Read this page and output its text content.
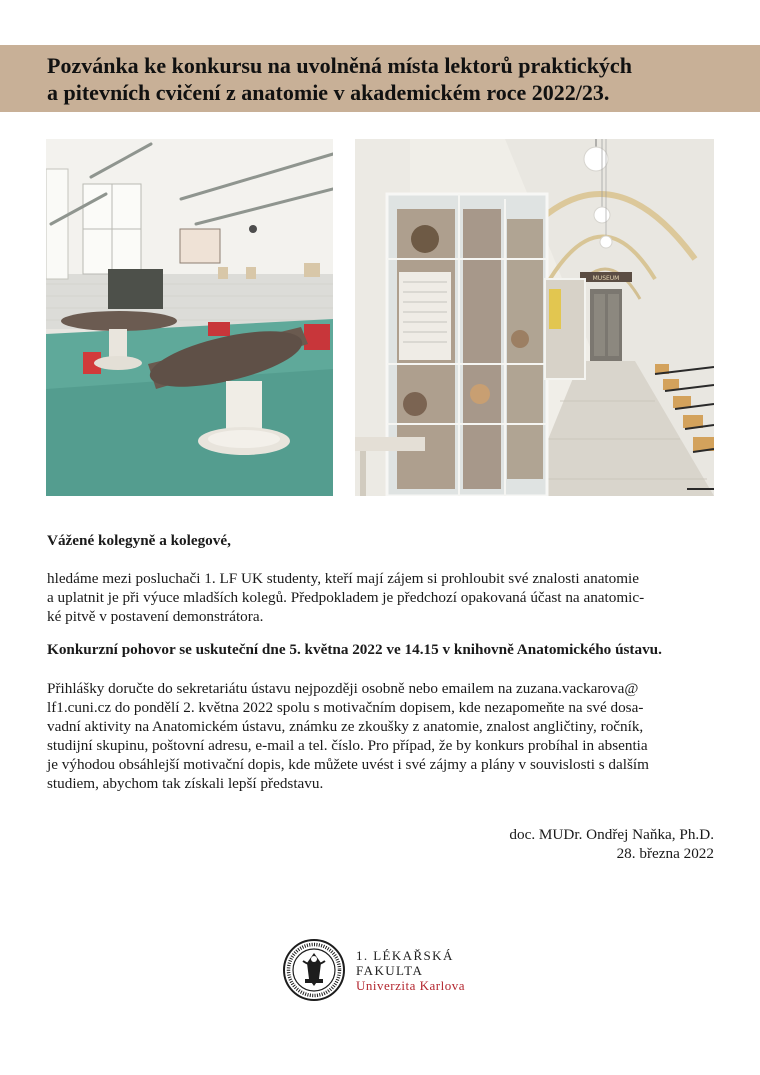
Pozvánka ke konkursu na uvolněná místa lektorů praktických
a pitevních cvičení z anatomie v akademickém roce 2022/23.
MUSEUM
Vážené kolegyně a kolegové,
hledáme mezi posluchači 1. LF UK studenty, kteří mají zájem si prohloubit své znalosti anatomie
a uplatnit je při výuce mladších kolegů. Předpokladem je předchozí opakovaná účast na anatomic-
ké pitvě v postavení demonstrátora.
Konkurzní pohovor se uskuteční dne 5. května 2022 ve 14.15 v knihovně Anatomického ústavu.
Přihlášky doručte do sekretariátu ústavu nejpozději osobně nebo emailem na zuzana.vackarova@
lf1.cuni.cz do pondělí 2. května 2022 spolu s motivačním dopisem, kde nezapomeňte na své dosa-
vadní aktivity na Anatomickém ústavu, známku ze zkoušky z anatomie, znalost angličtiny, ročník,
studijní skupinu, poštovní adresu, e-mail a tel. číslo. Pro případ, že by konkurs probíhal in absentia
je výhodou obsáhlejší motivační dopis, kde můžete uvést i své zájmy a plány v souvislosti s dalším
studiem, abychom tak získali lepší představu.
doc. MUDr. Ondřej Naňka, Ph.D.
28. března 2022
1. LÉKAŘSKÁ
FAKULTA
Univerzita Karlova
